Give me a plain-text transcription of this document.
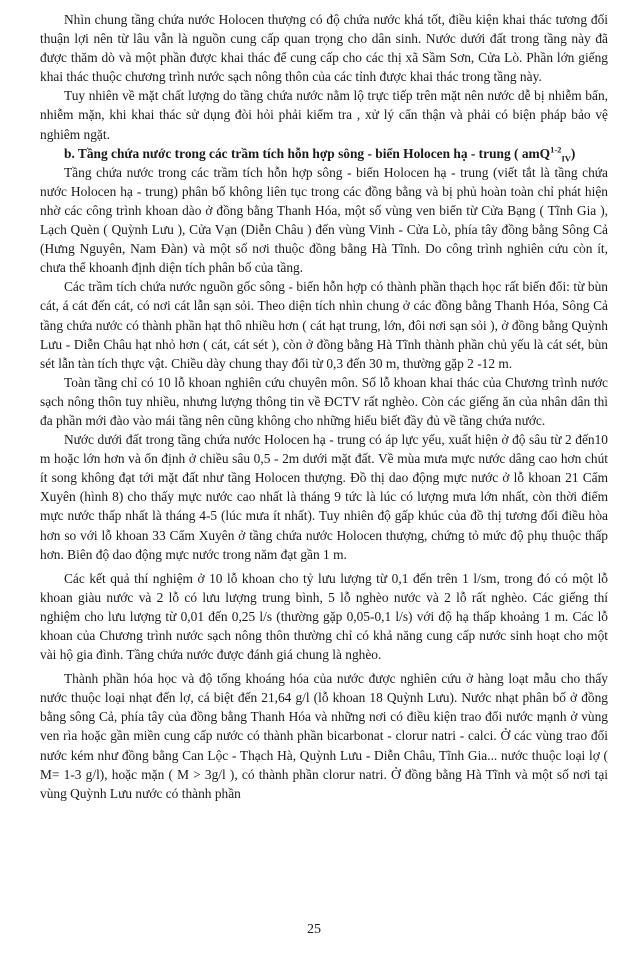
Nhìn chung tầng chứa nước Holocen thượng có độ chứa nước khá tốt, điều kiện khai thác tương đối thuận lợi nên từ lâu vẫn là nguồn cung cấp quan trọng cho dân sinh. Nước dưới đất trong tầng này đã được thăm dò và một phần được khai thác để cung cấp cho các thị xã Sầm Sơn, Cửa Lò. Phần lớn giếng khai thác thuộc chương trình nước sạch nông thôn của các tỉnh được khai thác trong tầng này.

Tuy nhiên về mặt chất lượng do tầng chứa nước nằm lộ trực tiếp trên mặt nên nước dễ bị nhiễm bẩn, nhiễm mặn, khi khai thác sử dụng đòi hỏi phải kiểm tra , xử lý cẩn thận và phải có biện pháp bảo vệ nghiêm ngặt.

b. Tầng chứa nước trong các trầm tích hỗn hợp sông - biển Holocen hạ - trung ( amQ$^{1-2}_{IV}$)

Tầng chứa nước trong các trầm tích hỗn hợp sông - biển Holocen hạ - trung (viết tắt là tầng chứa nước Holocen hạ - trung) phân bố không liên tục trong các đồng bằng và bị phủ hoàn toàn chỉ phát hiện nhờ các công trình khoan dào ở đồng bằng Thanh Hóa, một số vùng ven biển từ Cửa Bạng ( Tĩnh Gia ), Lạch Quèn ( Quỳnh Lưu ), Cửa Vạn (Diễn Châu ) đến vùng Vinh - Cửa Lò, phía tây đồng bằng Sông Cả (Hưng Nguyên, Nam Đàn) và một số nơi thuộc đồng bằng Hà Tĩnh. Do công trình nghiên cứu còn ít, chưa thể khoanh định diện tích phân bố của tầng.

Các trầm tích chứa nước nguồn gốc sông - biển hỗn hợp có thành phần thạch học rất biến đổi: từ bùn cát, á cát đến cát, có nơi cát lẫn sạn sỏi. Theo diện tích nhìn chung ở các đồng bằng Thanh Hóa, Sông Cả tầng chứa nước có thành phần hạt thô nhiều hơn ( cát hạt trung, lớn, đôi nơi sạn sỏi ), ở đồng bằng Quỳnh Lưu - Diễn Châu hạt nhỏ hơn ( cát, cát sét ), còn ở đồng bằng Hà Tĩnh thành phần chủ yếu là cát sét, bùn sét lẫn tàn tích thực vật. Chiều dày chung thay đổi từ 0,3 đến 30 m, thường gặp 2 -12 m.

Toàn tầng chỉ có 10 lỗ khoan nghiên cứu chuyên môn. Số lỗ khoan khai thác của Chương trình nước sạch nông thôn tuy nhiều, nhưng lượng thông tin về ĐCTV rất nghèo. Còn các giếng ăn của nhân dân thì đa phần mới đào vào mái tầng nên cũng không cho những hiểu biết đầy đủ về tầng chứa nước.

Nước dưới đất trong tầng chứa nước Holocen hạ - trung có áp lực yếu, xuất hiện ở độ sâu từ 2 đến10 m hoặc lớn hơn và ổn định ở chiều sâu 0,5 - 2m dưới mặt đất. Về mùa mưa mực nước dâng cao hơn chút ít song không đạt tới mặt đất như tầng Holocen thượng. Đồ thị dao động mực nước ở lỗ khoan 21 Cẩm Xuyên (hình 8) cho thấy mực nước cao nhất là tháng 9 tức là lúc có lượng mưa lớn nhất, còn thời điểm mực nước thấp nhất là tháng 4-5 (lúc mưa ít nhất). Tuy nhiên độ gấp khúc của đồ thị tương đối điều hòa hơn so với lỗ khoan 33 Cẩm Xuyên ở tầng chứa nước Holocen thượng, chứng tỏ mức độ phụ thuộc thấp hơn. Biên độ dao động mực nước trong năm đạt gần 1 m.

Các kết quả thí nghiệm ở 10 lỗ khoan cho tỷ lưu lượng từ 0,1 đến trên 1 l/sm, trong đó có một lỗ khoan giàu nước và 2 lỗ có lưu lượng trung bình, 5 lỗ nghèo nước và 2 lỗ rất nghèo. Các giếng thí nghiệm cho lưu lượng từ 0,01 đến 0,25 l/s (thường gặp 0,05-0,1 l/s) với độ hạ thấp khoảng 1 m. Các lỗ khoan của Chương trình nước sạch nông thôn thường chỉ có khả năng cung cấp nước sinh hoạt cho một vài hộ gia đình. Tầng chứa nước được đánh giá chung là nghèo.

Thành phần hóa học và độ tổng khoáng hóa của nước được nghiên cứu ở hàng loạt mẫu cho thấy nước thuộc loại nhạt đến lợ, cá biệt đến 21,64 g/l (lỗ khoan 18 Quỳnh Lưu). Nước nhạt phân bố ở đồng bằng sông Cả, phía tây của đồng bằng Thanh Hóa và những nơi có điều kiện trao đổi nước mạnh ở vùng ven rìa hoặc gần miền cung cấp nước có thành phần bicarbonat - clorur natri - calci. Ở các vùng trao đổi nước kém như đồng bằng Can Lộc - Thạch Hà, Quỳnh Lưu - Diễn Châu, Tĩnh Gia... nước thuộc loại lợ ( M= 1-3 g/l), hoặc mặn ( M > 3g/l ), có thành phần clorur natri. Ở đồng bằng Hà Tĩnh và một số nơi tại vùng Quỳnh Lưu nước có thành phần

25
